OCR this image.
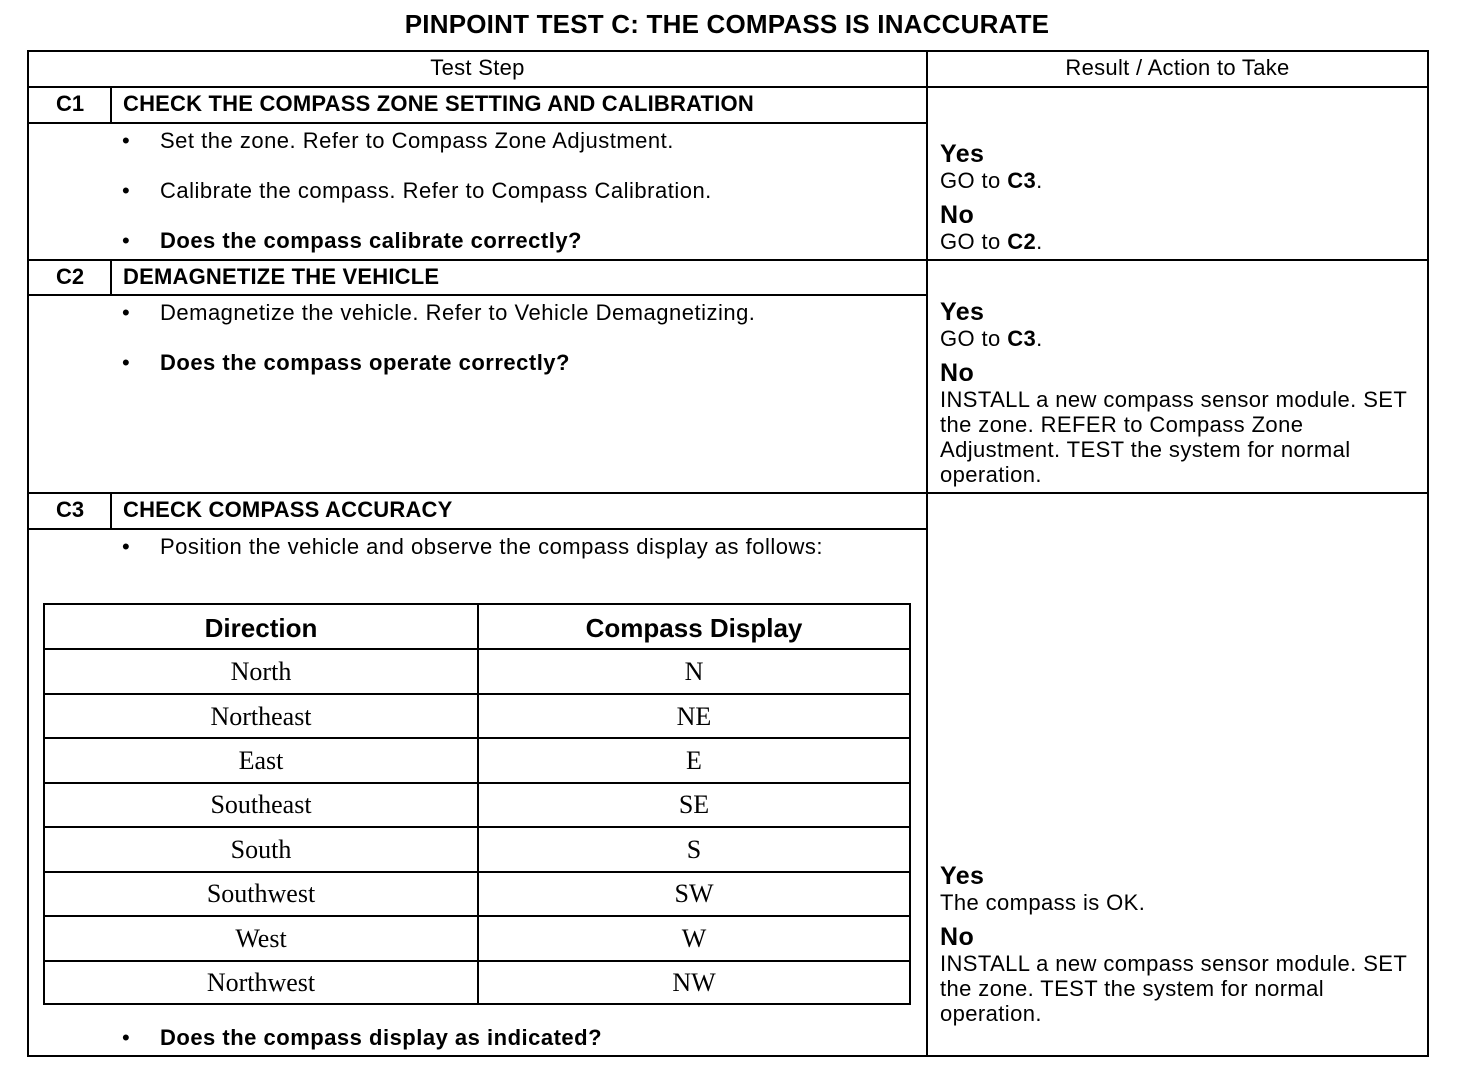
PINPOINT TEST C: THE COMPASS IS INACCURATE
Test Step	Result / Action to Take
C1	CHECK THE COMPASS ZONE SETTING AND CALIBRATION
• Set the zone. Refer to Compass Zone Adjustment.
• Calibrate the compass. Refer to Compass Calibration.
• Does the compass calibrate correctly?
Yes
GO to C3.
No
GO to C2.
C2	DEMAGNETIZE THE VEHICLE
• Demagnetize the vehicle. Refer to Vehicle Demagnetizing.
• Does the compass operate correctly?
Yes
GO to C3.
No
INSTALL a new compass sensor module. SET the zone. REFER to Compass Zone Adjustment. TEST the system for normal operation.
C3	CHECK COMPASS ACCURACY
• Position the vehicle and observe the compass display as follows:
Direction	Compass Display
North	N
Northeast	NE
East	E
Southeast	SE
South	S
Southwest	SW
West	W
Northwest	NW
• Does the compass display as indicated?
Yes
The compass is OK.
No
INSTALL a new compass sensor module. SET the zone. TEST the system for normal operation.
